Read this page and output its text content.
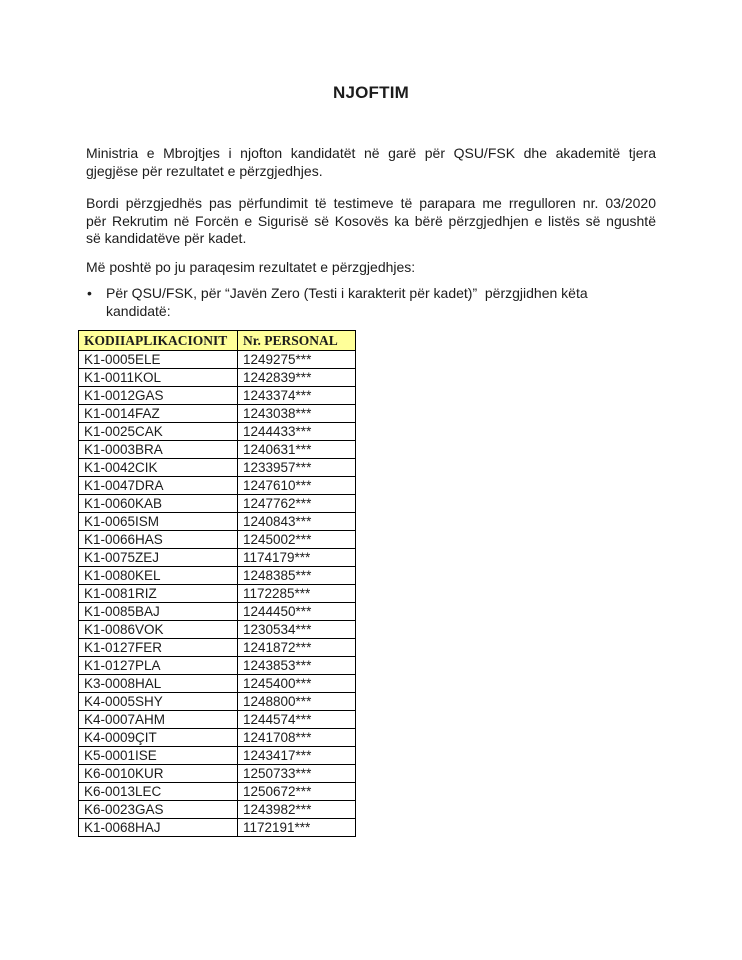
NJOFTIM
Ministria e Mbrojtjes i njofton kandidatët në garë për QSU/FSK dhe akademitë tjera
gjegjëse për rezultatet e përzgjedhjes.
Bordi përzgjedhës pas përfundimit të testimeve të parapara me rregulloren nr. 03/2020
për Rekrutim në Forcën e Sigurisë së Kosovës ka bërë përzgjedhjen e listës së ngushtë
së kandidatëve për kadet.
Më poshtë po ju paraqesim rezultatet e përzgjedhjes:
•	Për QSU/FSK, për “Javën Zero (Testi i karakterit për kadet)”  përzgjidhen këta
kandidatë:
KODIIAPLIKACIONIT	Nr. PERSONAL
K1-0005ELE	1249275***
K1-0011KOL	1242839***
K1-0012GAS	1243374***
K1-0014FAZ	1243038***
K1-0025CAK	1244433***
K1-0003BRA	1240631***
K1-0042CIK	1233957***
K1-0047DRA	1247610***
K1-0060KAB	1247762***
K1-0065ISM	1240843***
K1-0066HAS	1245002***
K1-0075ZEJ	1174179***
K1-0080KEL	1248385***
K1-0081RIZ	1172285***
K1-0085BAJ	1244450***
K1-0086VOK	1230534***
K1-0127FER	1241872***
K1-0127PLA	1243853***
K3-0008HAL	1245400***
K4-0005SHY	1248800***
K4-0007AHM	1244574***
K4-0009ÇIT	1241708***
K5-0001ISE	1243417***
K6-0010KUR	1250733***
K6-0013LEC	1250672***
K6-0023GAS	1243982***
K1-0068HAJ	1172191***
